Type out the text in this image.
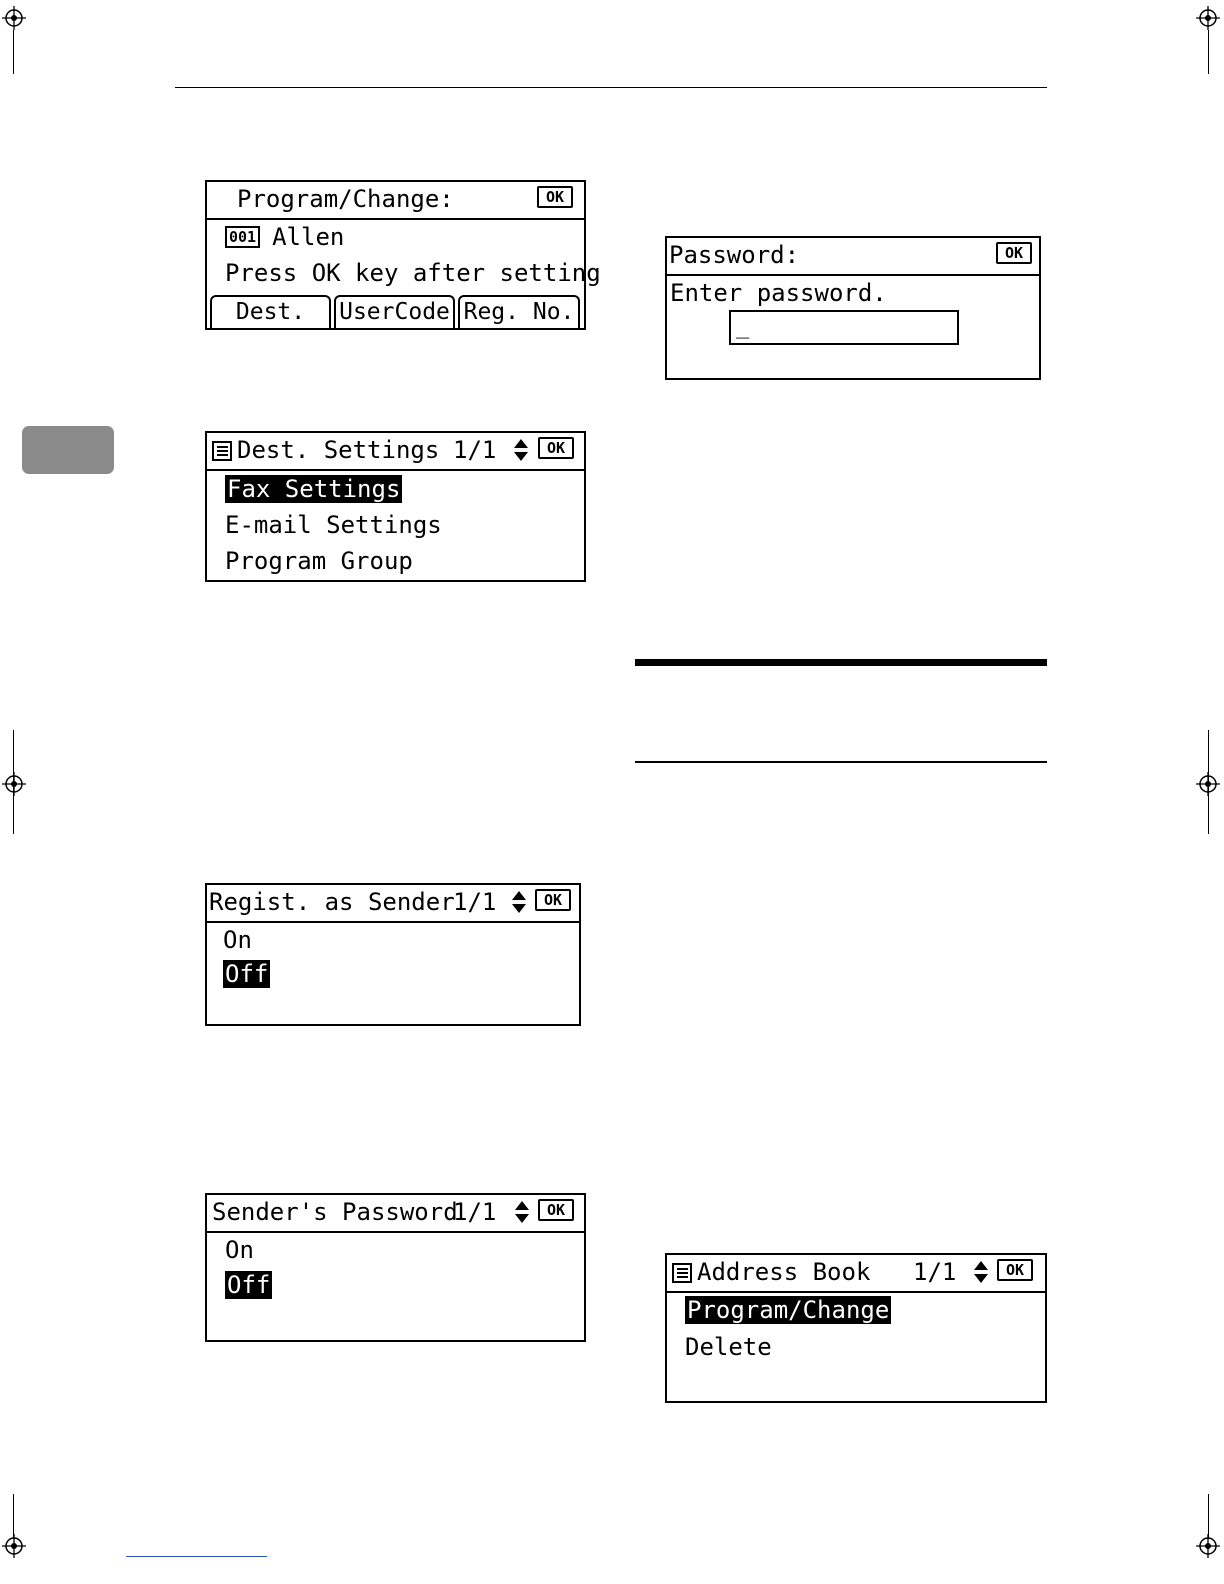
Program/Change:	OK
001 Allen
Press OK key after setting
Dest.	UserCode Reg. No.
Password:	OK
Enter password.
_
Dest. Settings 1/1	OK
Fax Settings
E-mail Settings
Program Group
Regist. as Sender
1/1	OK
On
Off
Sender's Password
1/1	OK
On
Off	Address Book 1/1	OK
Program/Change
Delete
